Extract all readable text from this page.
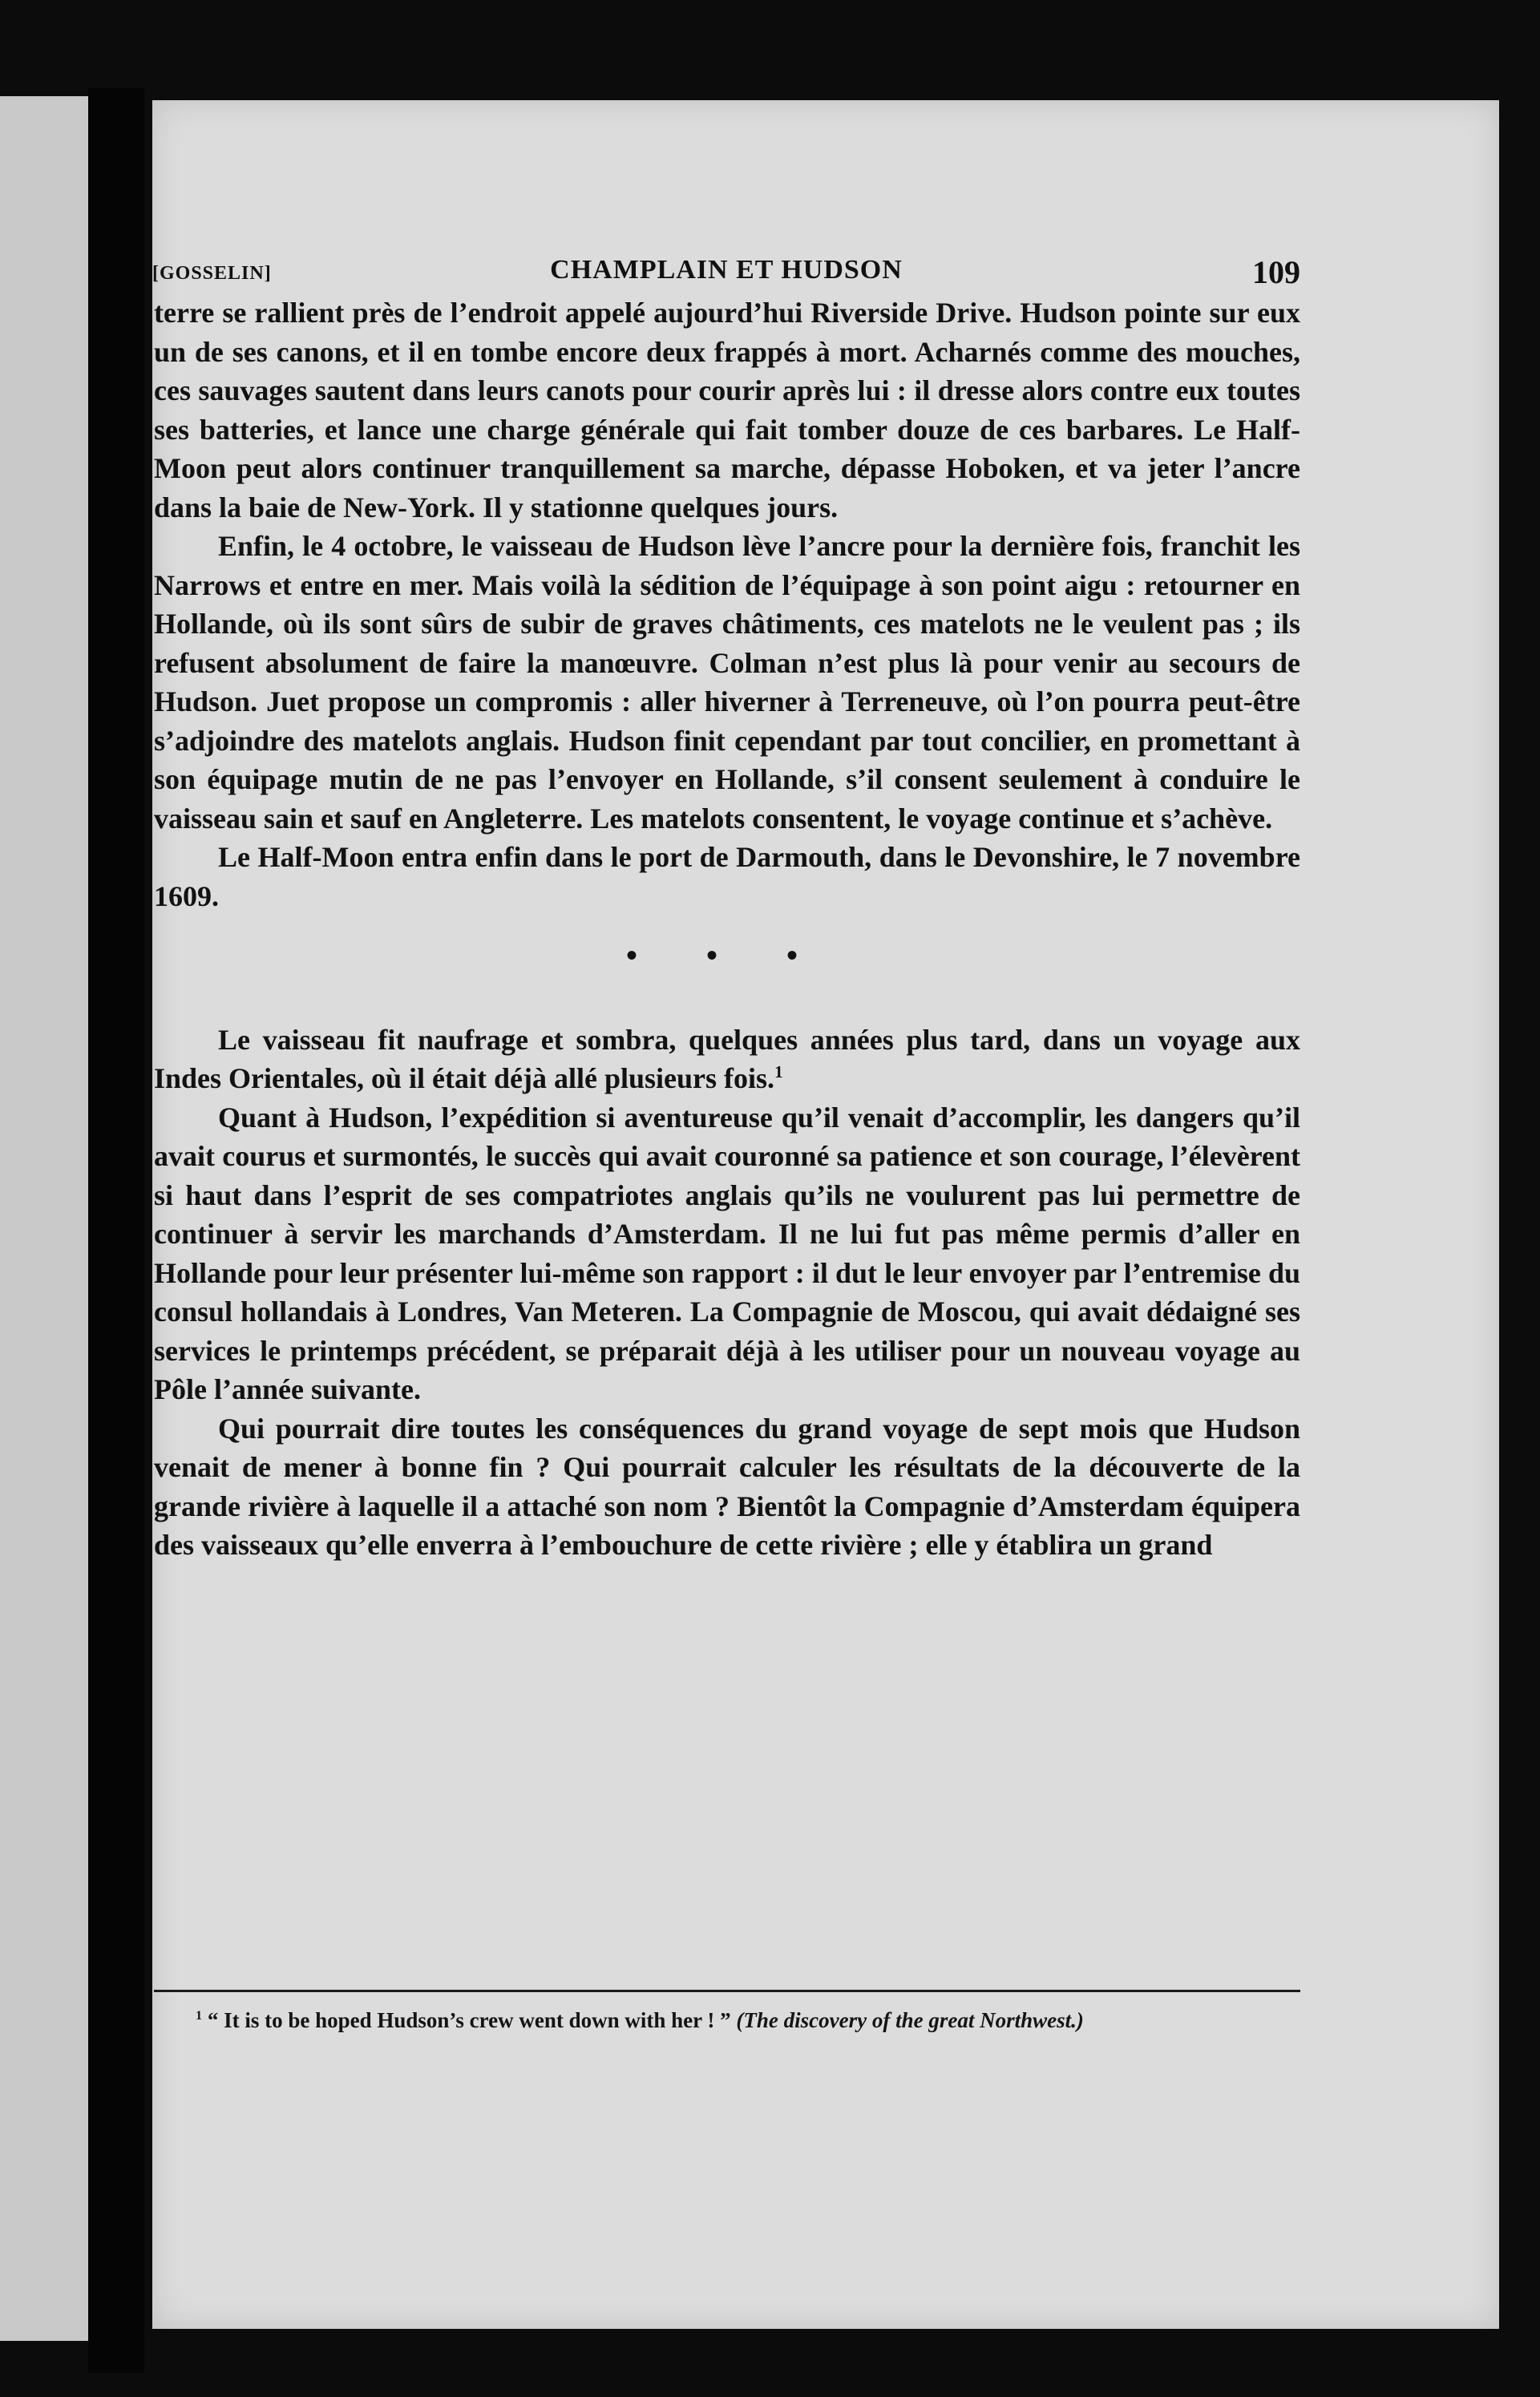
[GOSSELIN]	CHAMPLAIN ET HUDSON	109

terre se rallient près de l’endroit appelé aujourd’hui Riverside Drive. Hudson pointe sur eux un de ses canons, et il en tombe encore deux frappés à mort. Acharnés comme des mouches, ces sauvages sautent dans leurs canots pour courir après lui : il dresse alors contre eux toutes ses batteries, et lance une charge générale qui fait tomber douze de ces barbares. Le Half-Moon peut alors continuer tranquillement sa marche, dépasse Hoboken, et va jeter l’ancre dans la baie de New-York. Il y stationne quelques jours.

Enfin, le 4 octobre, le vaisseau de Hudson lève l’ancre pour la dernière fois, franchit les Narrows et entre en mer. Mais voilà la sédition de l’équipage à son point aigu : retourner en Hollande, où ils sont sûrs de subir de graves châtiments, ces matelots ne le veulent pas ; ils refusent absolument de faire la manœuvre. Colman n’est plus là pour venir au secours de Hudson. Juet propose un compromis : aller hiverner à Terreneuve, où l’on pourra peut-être s’adjoindre des matelots anglais. Hudson finit cependant par tout concilier, en promettant à son équipage mutin de ne pas l’envoyer en Hollande, s’il consent seulement à conduire le vaisseau sain et sauf en Angleterre. Les matelots consentent, le voyage continue et s’achève.

Le Half-Moon entra enfin dans le port de Darmouth, dans le Devonshire, le 7 novembre 1609.

• • •

Le vaisseau fit naufrage et sombra, quelques années plus tard, dans un voyage aux Indes Orientales, où il était déjà allé plusieurs fois.$^1$

Quant à Hudson, l’expédition si aventureuse qu’il venait d’accomplir, les dangers qu’il avait courus et surmontés, le succès qui avait couronné sa patience et son courage, l’élevèrent si haut dans l’esprit de ses compatriotes anglais qu’ils ne voulurent pas lui permettre de continuer à servir les marchands d’Amsterdam. Il ne lui fut pas même permis d’aller en Hollande pour leur présenter lui-même son rapport : il dut le leur envoyer par l’entremise du consul hollandais à Londres, Van Meteren. La Compagnie de Moscou, qui avait dédaigné ses services le printemps précédent, se préparait déjà à les utiliser pour un nouveau voyage au Pôle l’année suivante.

Qui pourrait dire toutes les conséquences du grand voyage de sept mois que Hudson venait de mener à bonne fin ? Qui pourrait calculer les résultats de la découverte de la grande rivière à laquelle il a attaché son nom ? Bientôt la Compagnie d’Amsterdam équipera des vaisseaux qu’elle enverra à l’embouchure de cette rivière ; elle y établira un grand

$^1$ “ It is to be hoped Hudson’s crew went down with her ! ” (The discovery of the great Northwest.)
